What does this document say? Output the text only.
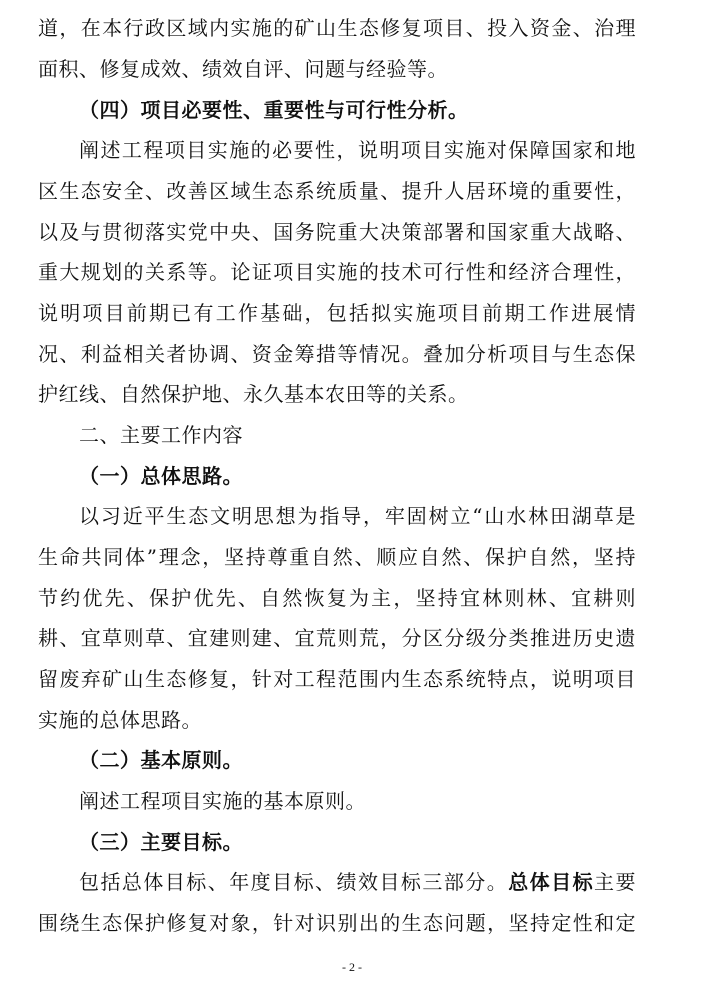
道，在本行政区域内实施的矿山生态修复项目、投入资金、治理
面积、修复成效、绩效自评、问题与经验等。
（四）项目必要性、重要性与可行性分析。
阐述工程项目实施的必要性，说明项目实施对保障国家和地
区生态安全、改善区域生态系统质量、提升人居环境的重要性，
以及与贯彻落实党中央、国务院重大决策部署和国家重大战略、
重大规划的关系等。论证项目实施的技术可行性和经济合理性，
说明项目前期已有工作基础，包括拟实施项目前期工作进展情
况、利益相关者协调、资金筹措等情况。叠加分析项目与生态保
护红线、自然保护地、永久基本农田等的关系。
二、主要工作内容
（一）总体思路。
以习近平生态文明思想为指导，牢固树立“山水林田湖草是
生命共同体”理念，坚持尊重自然、顺应自然、保护自然，坚持
节约优先、保护优先、自然恢复为主，坚持宜林则林、宜耕则
耕、宜草则草、宜建则建、宜荒则荒，分区分级分类推进历史遗
留废弃矿山生态修复，针对工程范围内生态系统特点，说明项目
实施的总体思路。
（二）基本原则。
阐述工程项目实施的基本原则。
（三）主要目标。
包括总体目标、年度目标、绩效目标三部分。总体目标主要
围绕生态保护修复对象，针对识别出的生态问题，坚持定性和定
- 2 -
